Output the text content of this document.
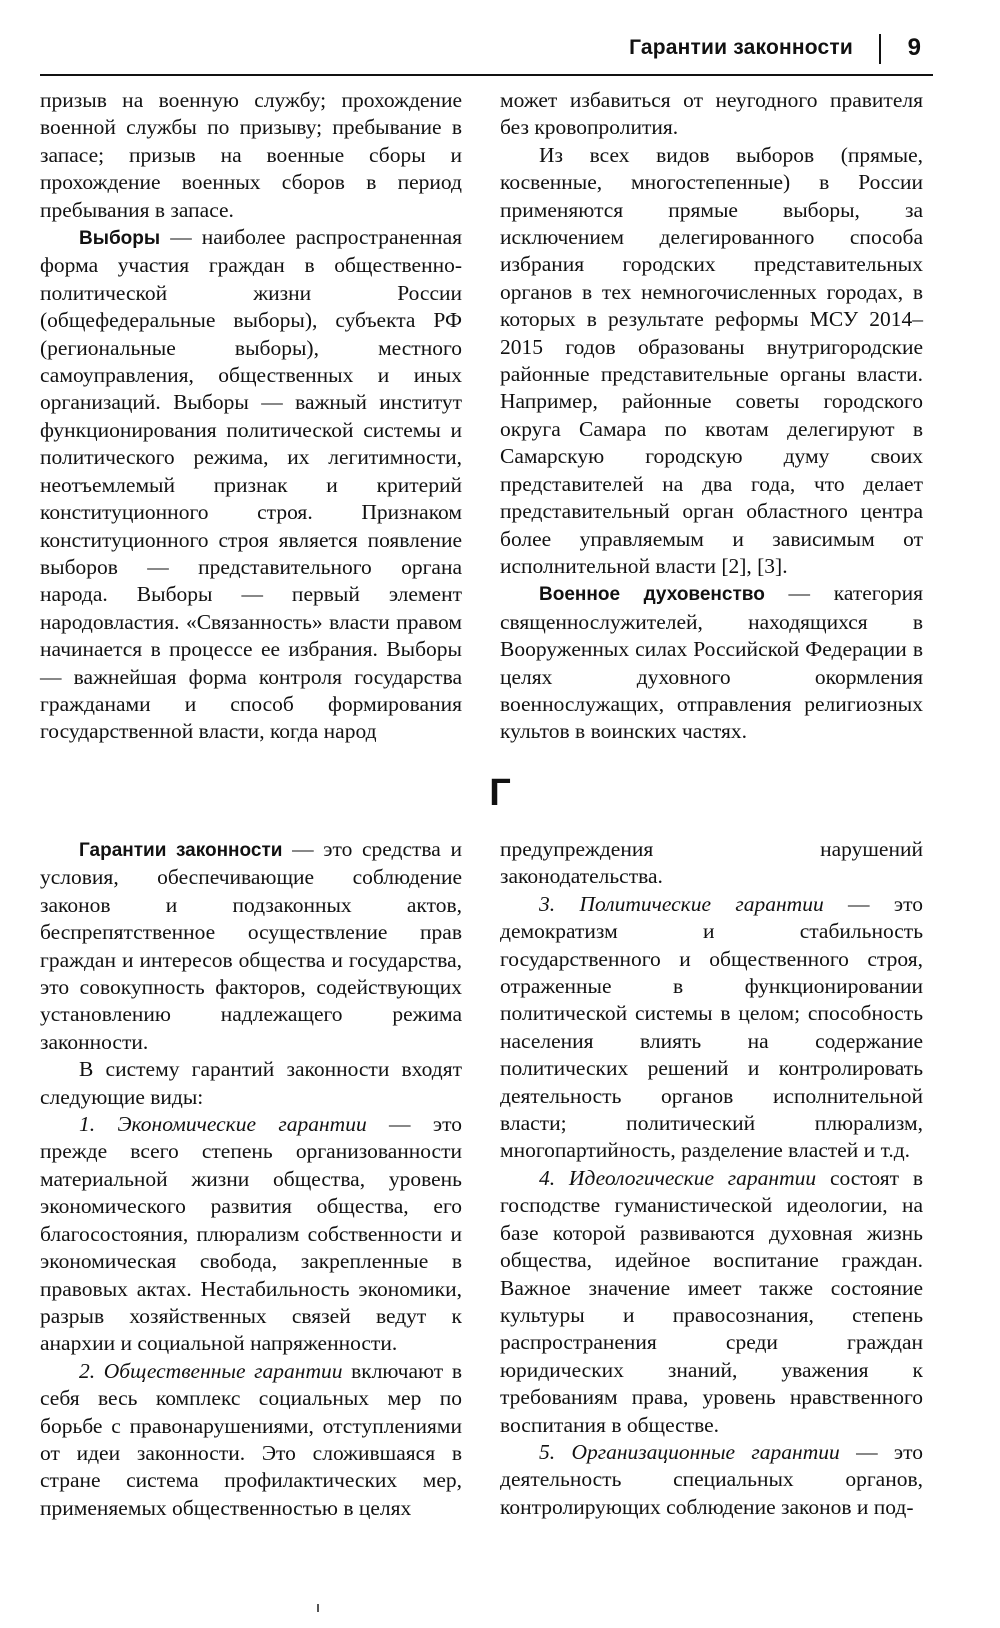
Гарантии законности 9

призыв на военную службу; прохождение военной службы по призыву; пребывание в запасе; призыв на военные сборы и прохождение военных сборов в период пребывания в запасе.

Выборы — наиболее распространенная форма участия граждан в общественно-политической жизни России (общефедеральные выборы), субъекта РФ (региональные выборы), местного самоуправления, общественных и иных организаций. Выборы — важный институт функционирования политической системы и политического режима, их легитимности, неотъемлемый признак и критерий конституционного строя. Признаком конституционного строя является появление выборов — представительного органа народа. Выборы — первый элемент народовластия. «Связанность» власти правом начинается в процессе ее избрания. Выборы — важнейшая форма контроля государства гражданами и способ формирования государственной власти, когда народ

может избавиться от неугодного правителя без кровопролития.

Из всех видов выборов (прямые, косвенные, многостепенные) в России применяются прямые выборы, за исключением делегированного способа избрания городских представительных органов в тех немногочисленных городах, в которых в результате реформы МСУ 2014–2015 годов образованы внутригородские районные представительные органы власти. Например, районные советы городского округа Самара по квотам делегируют в Самарскую городскую думу своих представителей на два года, что делает представительный орган областного центра более управляемым и зависимым от исполнительной власти [2], [3].

Военное духовенство — категория священнослужителей, находящихся в Вооруженных силах Российской Федерации в целях духовного окормления военнослужащих, отправления религиозных культов в воинских частях.

Г

Гарантии законности — это средства и условия, обеспечивающие соблюдение законов и подзаконных актов, беспрепятственное осуществление прав граждан и интересов общества и государства, это совокупность факторов, содействующих установлению надлежащего режима законности.

В систему гарантий законности входят следующие виды:

1. Экономические гарантии — это прежде всего степень организованности материальной жизни общества, уровень экономического развития общества, его благосостояния, плюрализм собственности и экономическая свобода, закрепленные в правовых актах. Нестабильность экономики, разрыв хозяйственных связей ведут к анархии и социальной напряженности.

2. Общественные гарантии включают в себя весь комплекс социальных мер по борьбе с правонарушениями, отступлениями от идеи законности. Это сложившаяся в стране система профилактических мер, применяемых общественностью в целях

предупреждения нарушений законодательства.

3. Политические гарантии — это демократизм и стабильность государственного и общественного строя, отраженные в функционировании политической системы в целом; способность населения влиять на содержание политических решений и контролировать деятельность органов исполнительной власти; политический плюрализм, многопартийность, разделение властей и т.д.

4. Идеологические гарантии состоят в господстве гуманистической идеологии, на базе которой развиваются духовная жизнь общества, идейное воспитание граждан. Важное значение имеет также состояние культуры и правосознания, степень распространения среди граждан юридических знаний, уважения к требованиям права, уровень нравственного воспитания в обществе.

5. Организационные гарантии — это деятельность специальных органов, контролирующих соблюдение законов и под-
